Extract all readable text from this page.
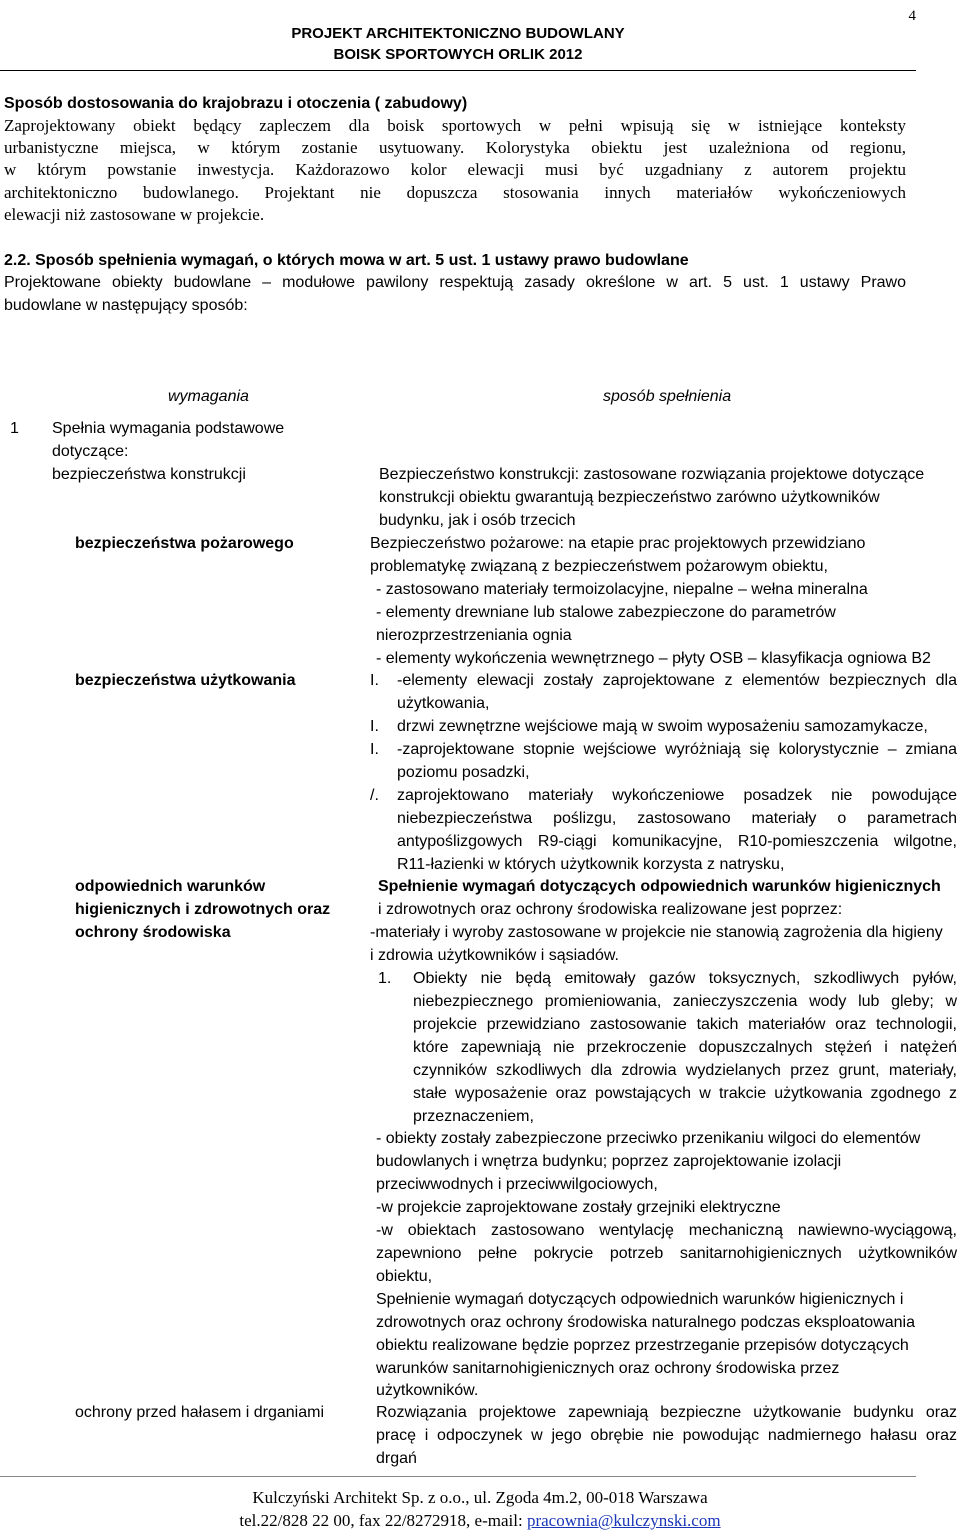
PROJEKT ARCHITEKTONICZNO BUDOWLANY
BOISK SPORTOWYCH ORLIK 2012
4
Sposób dostosowania do krajobrazu i otoczenia ( zabudowy)
Zaprojektowany obiekt będący zapleczem dla boisk sportowych w pełni wpisują się w istniejące konteksty
urbanistyczne miejsca, w którym zostanie usytuowany. Kolorystyka obiektu jest uzależniona od regionu,
w którym powstanie inwestycja. Każdorazowo kolor elewacji musi być uzgadniany z autorem projektu
architektoniczno budowlanego. Projektant nie dopuszcza stosowania innych materiałów wykończeniowych
elewacji niż zastosowane w projekcie.
2.2. Sposób spełnienia wymagań, o których mowa w art. 5 ust. 1 ustawy prawo budowlane
Projektowane obiekty budowlane – modułowe pawilony respektują zasady określone w art. 5 ust. 1 ustawy Prawo
budowlane w następujący sposób:
wymagania	sposób spełnienia
1 Spełnia wymagania podstawowe
dotyczące:
bezpieczeństwa konstrukcji
bezpieczeństwa pożarowego
bezpieczeństwa użytkowania
odpowiednich warunków
higienicznych i zdrowotnych oraz
ochrony środowiska
ochrony przed hałasem i drganiami
Bezpieczeństwo konstrukcji: zastosowane rozwiązania projektowe dotyczące
konstrukcji obiektu gwarantują bezpieczeństwo zarówno użytkowników
budynku, jak i osób trzecich
Bezpieczeństwo pożarowe: na etapie prac projektowych przewidziano
problematykę związaną z bezpieczeństwem pożarowym obiektu,
- zastosowano materiały termoizolacyjne, niepalne – wełna mineralna
- elementy drewniane lub stalowe zabezpieczone do parametrów
nierozprzestrzeniania ognia
- elementy wykończenia wewnętrznego – płyty OSB – klasyfikacja ogniowa B2
I. -elementy elewacji zostały zaprojektowane z elementów bezpiecznych dla
użytkowania,
I. drzwi zewnętrzne wejściowe mają w swoim wyposażeniu samozamykacze,
I. -zaprojektowane stopnie wejściowe wyróżniają się kolorystycznie – zmiana
poziomu posadzki,
/. zaprojektowano materiały wykończeniowe posadzek nie powodujące
niebezpieczeństwa poślizgu, zastosowano materiały o parametrach
antypoślizgowych R9-ciągi komunikacyjne, R10-pomieszczenia wilgotne,
R11-łazienki w których użytkownik korzysta z natrysku,
Spełnienie wymagań dotyczących odpowiednich warunków higienicznych
i zdrowotnych oraz ochrony środowiska realizowane jest poprzez:
-materiały i wyroby zastosowane w projekcie nie stanowią zagrożenia dla higieny
i zdrowia użytkowników i sąsiadów.
1. Obiekty nie będą emitowały gazów toksycznych, szkodliwych pyłów,
niebezpiecznego promieniowania, zanieczyszczenia wody lub gleby; w
projekcie przewidziano zastosowanie takich materiałów oraz technologii,
które zapewniają nie przekroczenie dopuszczalnych stężeń i natężeń
czynników szkodliwych dla zdrowia wydzielanych przez grunt, materiały,
stałe wyposażenie oraz powstających w trakcie użytkowania zgodnego z
przeznaczeniem,
- obiekty zostały zabezpieczone przeciwko przenikaniu wilgoci do elementów
budowlanych i wnętrza budynku; poprzez zaprojektowanie izolacji
przeciwwodnych i przeciwwilgociowych,
-w projekcie zaprojektowane zostały grzejniki elektryczne
-w obiektach zastosowano wentylację mechaniczną nawiewno-wyciągową,
zapewniono pełne pokrycie potrzeb sanitarnohigienicznych użytkowników
obiektu,
Spełnienie wymagań dotyczących odpowiednich warunków higienicznych i
zdrowotnych oraz ochrony środowiska naturalnego podczas eksploatowania
obiektu realizowane będzie poprzez przestrzeganie przepisów dotyczących
warunków sanitarnohigienicznych oraz ochrony środowiska przez
użytkowników.
Rozwiązania projektowe zapewniają bezpieczne użytkowanie budynku oraz
pracę i odpoczynek w jego obrębie nie powodując nadmiernego hałasu oraz
drgań
Kulczyński Architekt Sp. z o.o., ul. Zgoda 4m.2, 00-018 Warszawa
tel.22/828 22 00, fax 22/8272918, e-mail: pracownia@kulczynski.com
